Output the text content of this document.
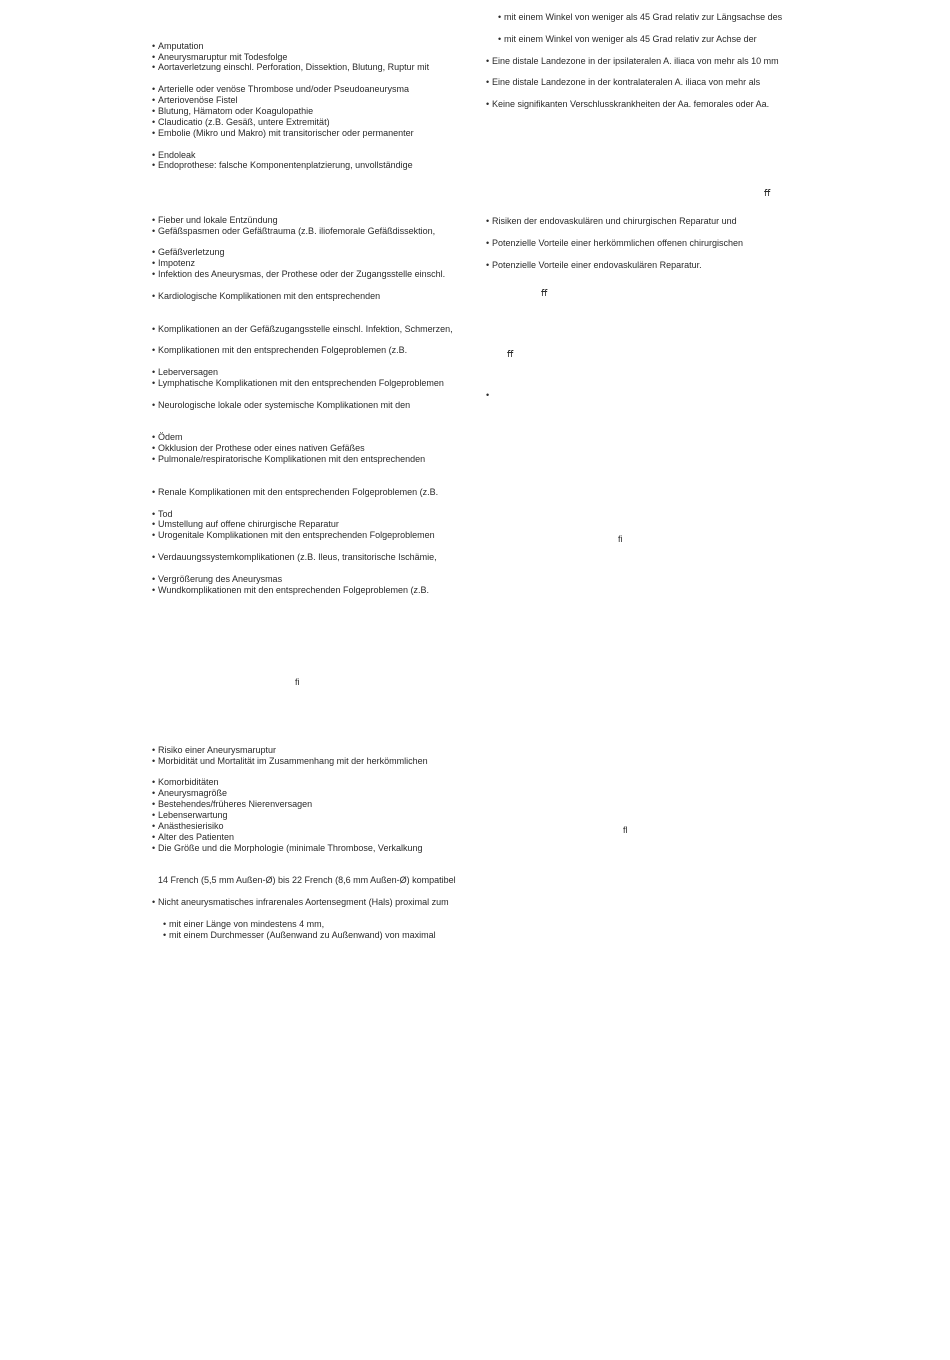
• Amputation
• Aneurysmaruptur mit Todesfolge
• Aortaverletzung einschl. Perforation, Dissektion, Blutung, Ruptur mit
• Arterielle oder venöse Thrombose und/oder Pseudoaneurysma
• Arteriovenöse Fistel
• Blutung, Hämatom oder Koagulopathie
• Claudicatio (z.B. Gesäß, untere Extremität)
• Embolie (Mikro und Makro) mit transitorischer oder permanenter
• Endoleak
• Endoprothese: falsche Komponentenplatzierung, unvollständige
• Fieber und lokale Entzündung
• Gefäßspasmen oder Gefäßtrauma (z.B. iliofemorale Gefäßdissektion,
• Gefäßverletzung
• Impotenz
• Infektion des Aneurysmas, der Prothese oder der Zugangsstelle einschl.
• Kardiologische Komplikationen mit den entsprechenden
• Komplikationen an der Gefäßzugangsstelle einschl. Infektion, Schmerzen,
• Komplikationen mit den entsprechenden Folgeproblemen (z.B.
• Leberversagen
• Lymphatische Komplikationen mit den entsprechenden Folgeproblemen
• Neurologische lokale oder systemische Komplikationen mit den
• Ödem
• Okklusion der Prothese oder eines nativen Gefäßes
• Pulmonale/respiratorische Komplikationen mit den entsprechenden
• Renale Komplikationen mit den entsprechenden Folgeproblemen (z.B.
• Tod
• Umstellung auf offene chirurgische Reparatur
• Urogenitale Komplikationen mit den entsprechenden Folgeproblemen
• Verdauungssystemkomplikationen (z.B. Ileus, transitorische Ischämie,
• Vergrößerung des Aneurysmas
• Wundkomplikationen mit den entsprechenden Folgeproblemen (z.B.
ﬁ
• Risiko einer Aneurysmaruptur
• Morbidität und Mortalität im Zusammenhang mit der herkömmlichen
• Komorbiditäten
• Aneurysmagröße
• Bestehendes/früheres Nierenversagen
• Lebenserwartung
• Anästhesierisiko
• Alter des Patienten
• Die Größe und die Morphologie (minimale Thrombose, Verkalkung
14 French (5,5 mm Außen-Ø) bis 22 French (8,6 mm Außen-Ø) kompatibel
• Nicht aneurysmatisches infrarenales Aortensegment (Hals) proximal zum
• mit einer Länge von mindestens 4 mm,
• mit einem Durchmesser (Außenwand zu Außenwand) von maximal
• mit einem Winkel von weniger als 45 Grad relativ zur Längsachse des
• mit einem Winkel von weniger als 45 Grad relativ zur Achse der
• Eine distale Landezone in der ipsilateralen A. iliaca von mehr als 10 mm
• Eine distale Landezone in der kontralateralen A. iliaca von mehr als
• Keine signifikanten Verschlusskrankheiten der Aa. femorales oder Aa.
ﬀ
• Risiken der endovaskulären und chirurgischen Reparatur und
• Potenzielle Vorteile einer herkömmlichen offenen chirurgischen
• Potenzielle Vorteile einer endovaskulären Reparatur.
ﬀ
ﬀ
ﬁ
ﬂ
